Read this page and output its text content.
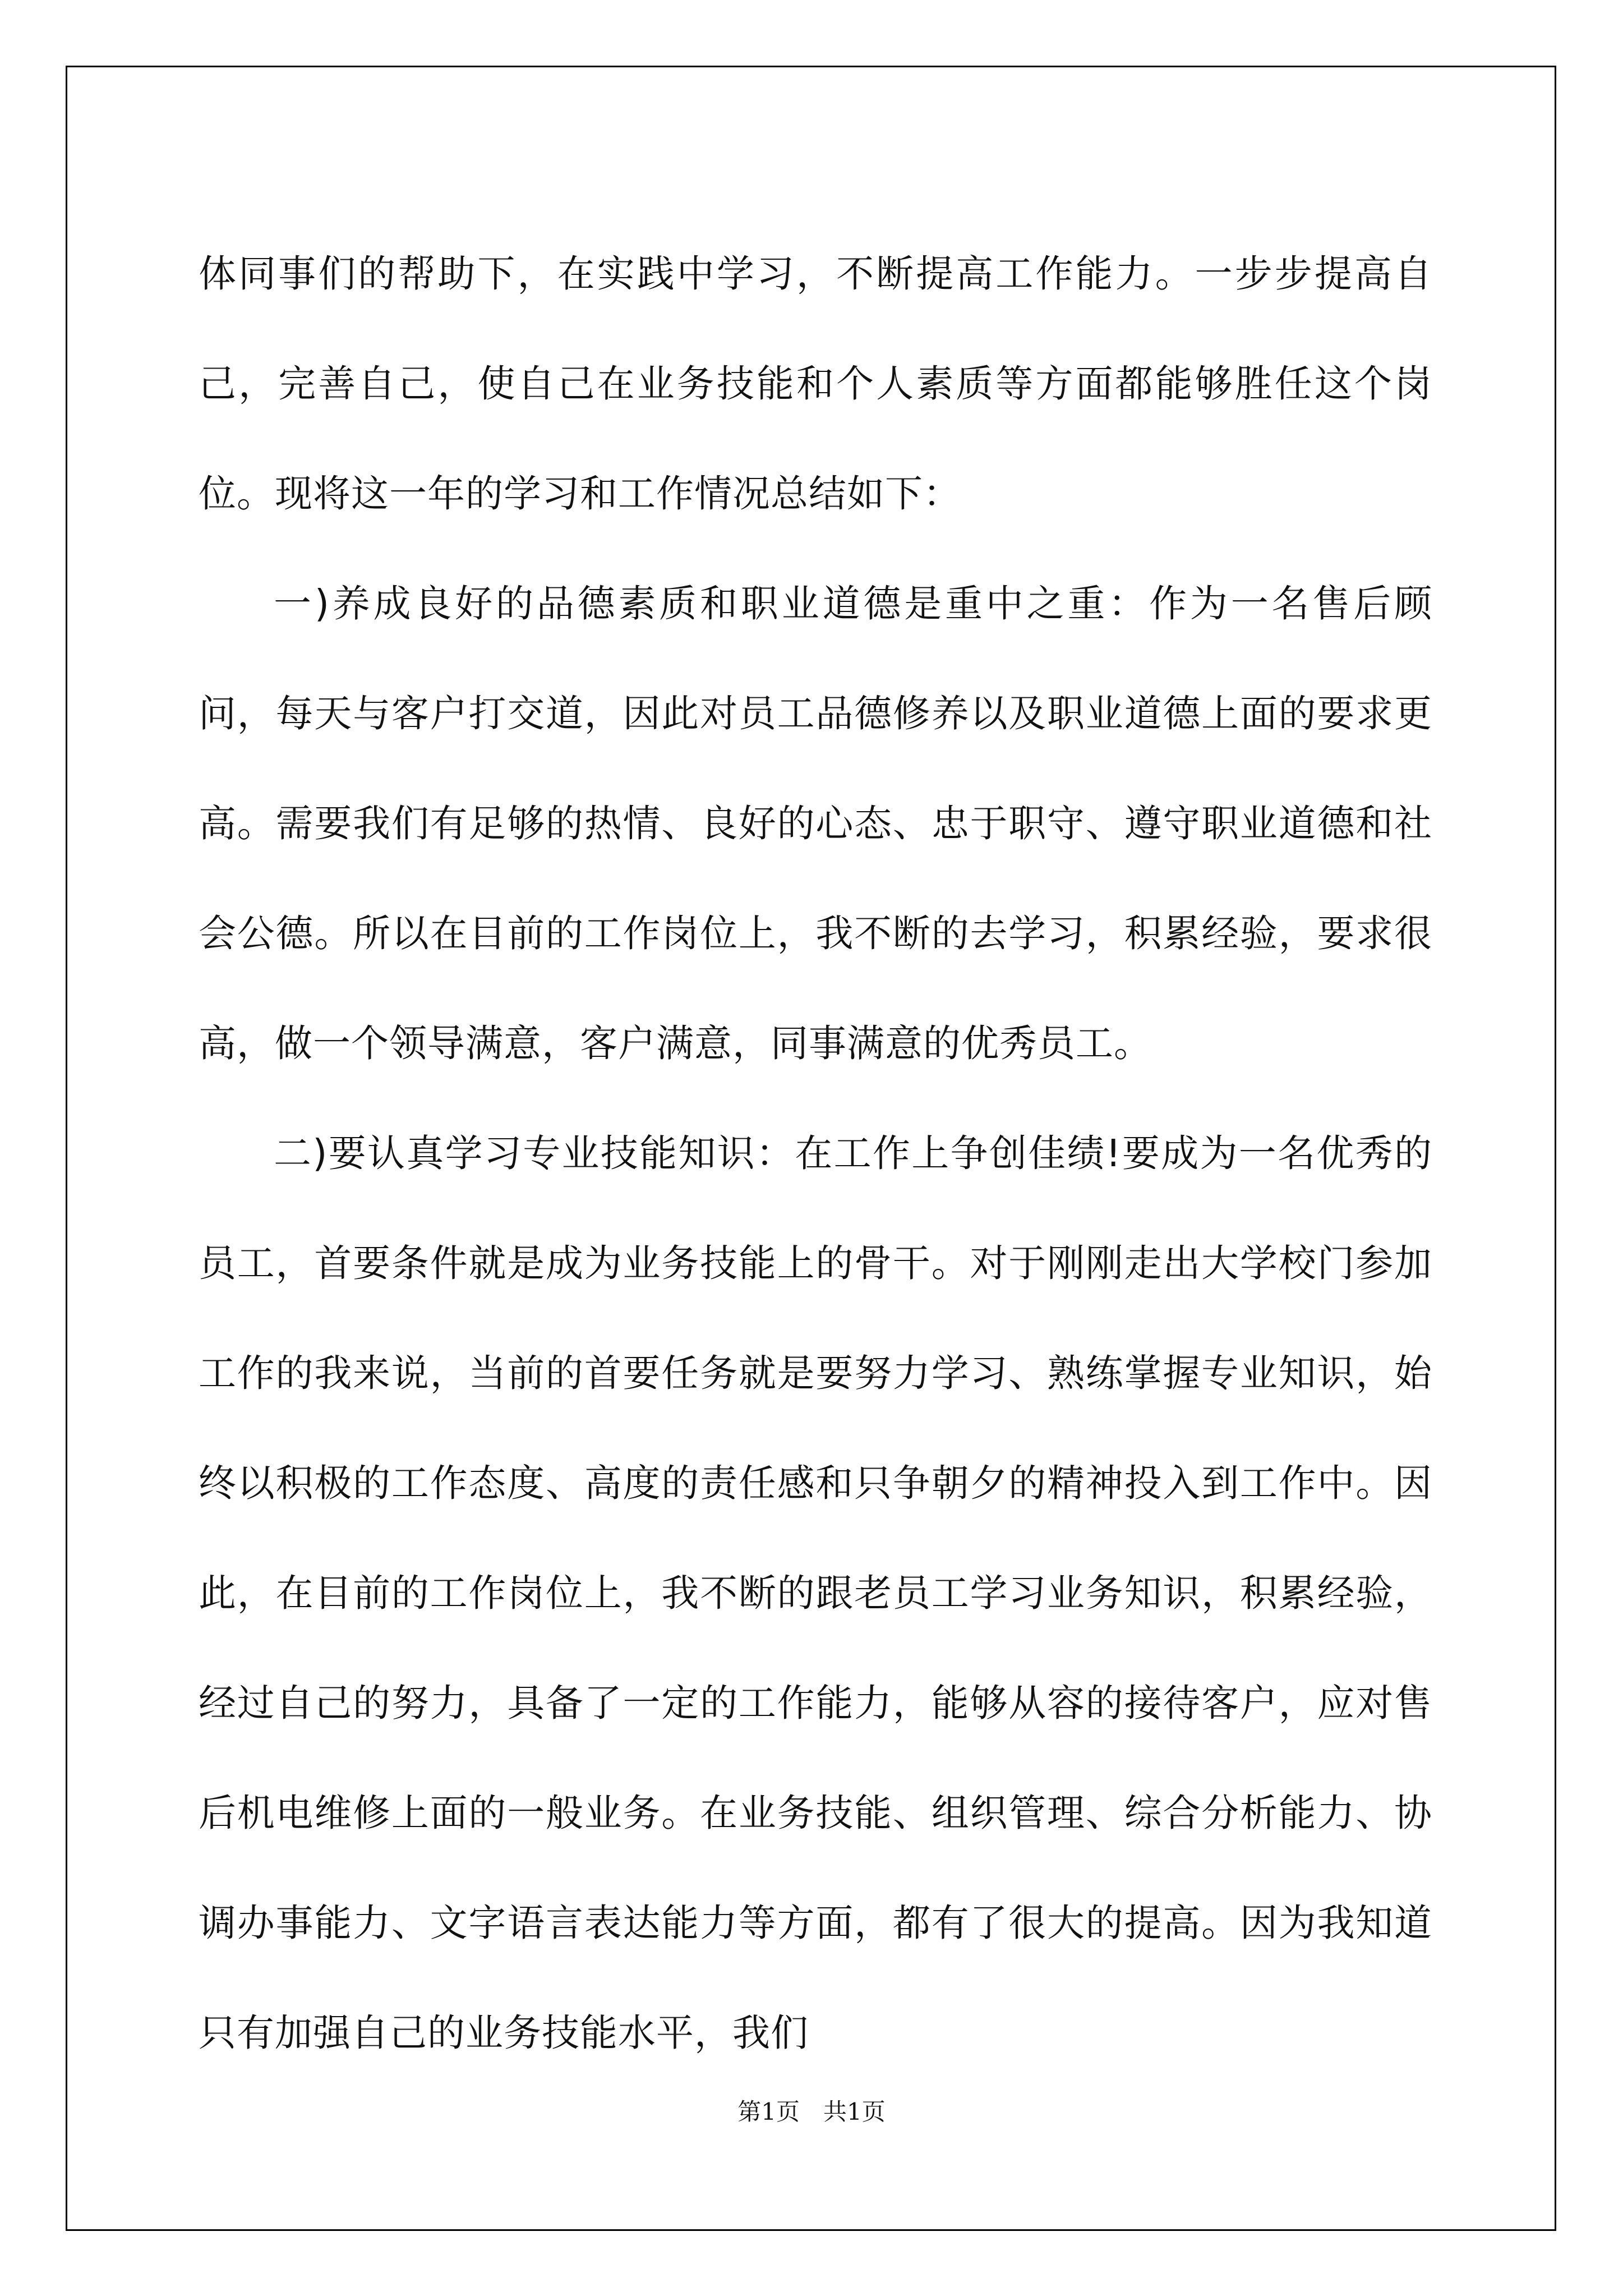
体同事们的帮助下，在实践中学习，不断提高工作能力。一步步提高自己，完善自己，使自己在业务技能和个人素质等方面都能够胜任这个岗位。现将这一年的学习和工作情况总结如下：

一)养成良好的品德素质和职业道德是重中之重：作为一名售后顾问，每天与客户打交道，因此对员工品德修养以及职业道德上面的要求更高。需要我们有足够的热情、良好的心态、忠于职守、遵守职业道德和社会公德。所以在目前的工作岗位上，我不断的去学习，积累经验，要求很高，做一个领导满意，客户满意，同事满意的优秀员工。

二)要认真学习专业技能知识：在工作上争创佳绩!要成为一名优秀的员工，首要条件就是成为业务技能上的骨干。对于刚刚走出大学校门参加工作的我来说，当前的首要任务就是要努力学习、熟练掌握专业知识，始终以积极的工作态度、高度的责任感和只争朝夕的精神投入到工作中。因此，在目前的工作岗位上，我不断的跟老员工学习业务知识，积累经验，经过自己的努力，具备了一定的工作能力，能够从容的接待客户，应对售后机电维修上面的一般业务。在业务技能、组织管理、综合分析能力、协调办事能力、文字语言表达能力等方面，都有了很大的提高。因为我知道只有加强自己的业务技能水平，我们

第1页　共1页
